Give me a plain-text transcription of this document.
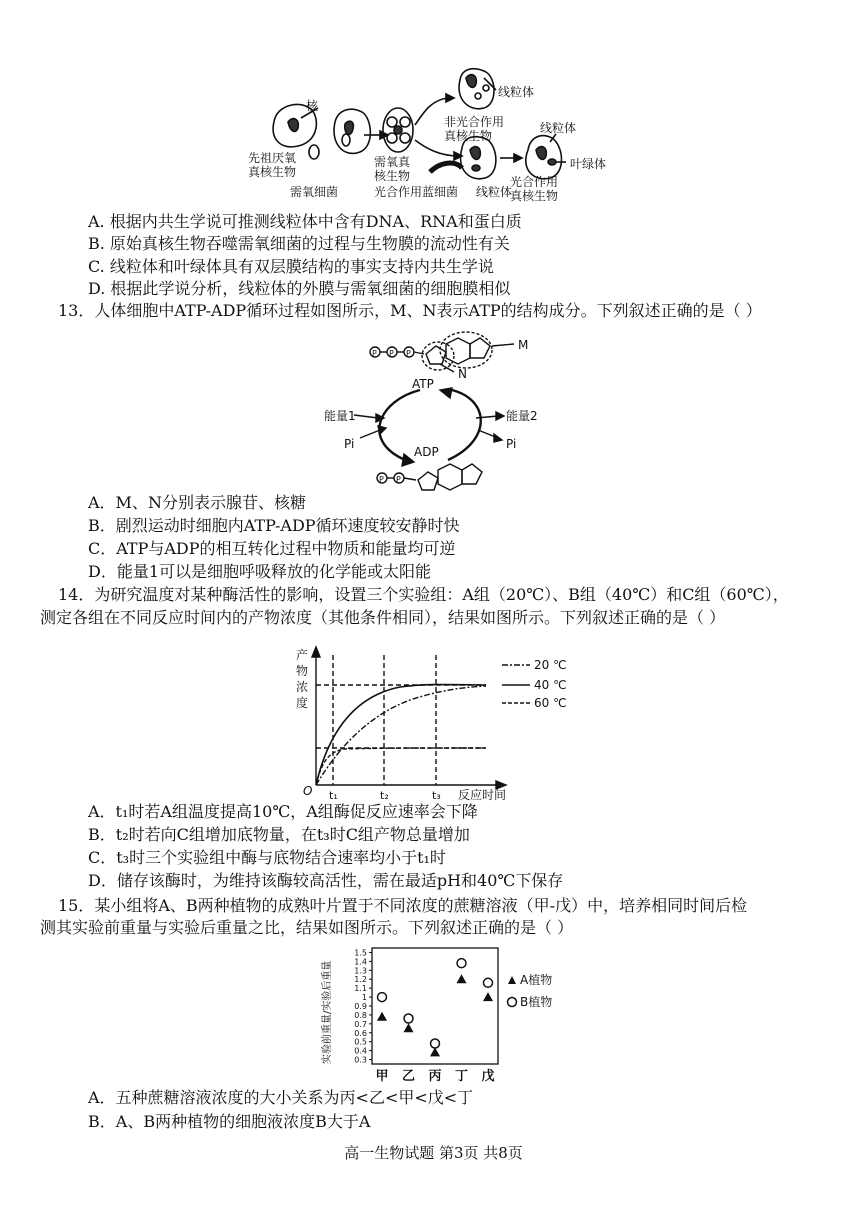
核
先祖厌氧真核生物
需氧细菌
需氧真核生物
光合作用蓝细菌
线粒体
非光合作用真核生物
线粒体
线粒体
叶绿体
光合作用真核生物
A. 根据内共生学说可推测线粒体中含有DNA、RNA和蛋白质
B. 原始真核生物吞噬需氧细菌的过程与生物膜的流动性有关
C. 线粒体和叶绿体具有双层膜结构的事实支持内共生学说
D. 根据此学说分析，线粒体的外膜与需氧细菌的细胞膜相似
13．人体细胞中ATP-ADP循环过程如图所示，M、N表示ATP的结构成分。下列叙述正确的是（ ）
P P P
P P
M
N
ATP
ADP
能量1	能量2
Pi	Pi
A．M、N分别表示腺苷、核糖
B．剧烈运动时细胞内ATP-ADP循环速度较安静时快
C．ATP与ADP的相互转化过程中物质和能量均可逆
D．能量1可以是细胞呼吸释放的化学能或太阳能
14．为研究温度对某种酶活性的影响，设置三个实验组：A组（20℃）、B组（40℃）和C组（60℃），
测定各组在不同反应时间内的产物浓度（其他条件相同），结果如图所示。下列叙述正确的是（ ）
产物浓度
O t₁	t₂	t₃ 反应时间
20 ℃
40 ℃
60 ℃
A．t₁时若A组温度提高10℃，A组酶促反应速率会下降
B．t₂时若向C组增加底物量，在t₃时C组产物总量增加
C．t₃时三个实验组中酶与底物结合速率均小于t₁时
D．储存该酶时，为维持该酶较高活性，需在最适pH和40℃下保存
15．某小组将A、B两种植物的成熟叶片置于不同浓度的蔗糖溶液（甲-戊）中，培养相同时间后检
测其实验前重量与实验后重量之比，结果如图所示。下列叙述正确的是（ ）
0.3
0.4
0.5
0.6
0.7
0.8
0.9
1
1.1
1.2
1.3
1.4
1.5
甲 乙 丙 丁 戊
实验前重量/实验后重量	A植物
B植物
A．五种蔗糖溶液浓度的大小关系为丙<乙<甲<戊<丁
B．A、B两种植物的细胞液浓度B大于A
高一生物试题 第3页 共8页
